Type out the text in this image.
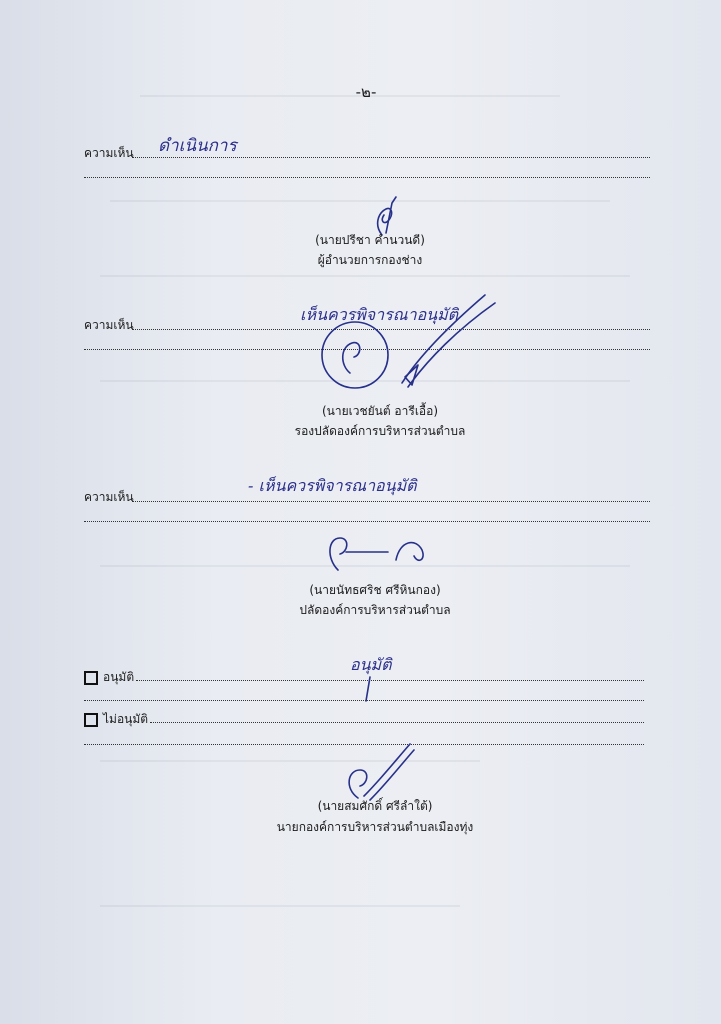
-๒-
ความเห็น ดำเนินการ
(นายปรีชา คำนวนดี)
ผู้อำนวยการกองช่าง
ความเห็น
เห็นควรพิจารณาอนุมัติ
(นายเวชยันต์ อารีเอื้อ)
รองปลัดองค์การบริหารส่วนตำบล
ความเห็น
- เห็นควรพิจารณาอนุมัติ
(นายนัทธศริช ศรีหินกอง)
ปลัดองค์การบริหารส่วนตำบล
อนุมัติ
อนุมัติ
ไม่อนุมัติ
(นายสมศักดิ์ ศรีลำใต้)
นายกองค์การบริหารส่วนตำบลเมืองทุ่ง
